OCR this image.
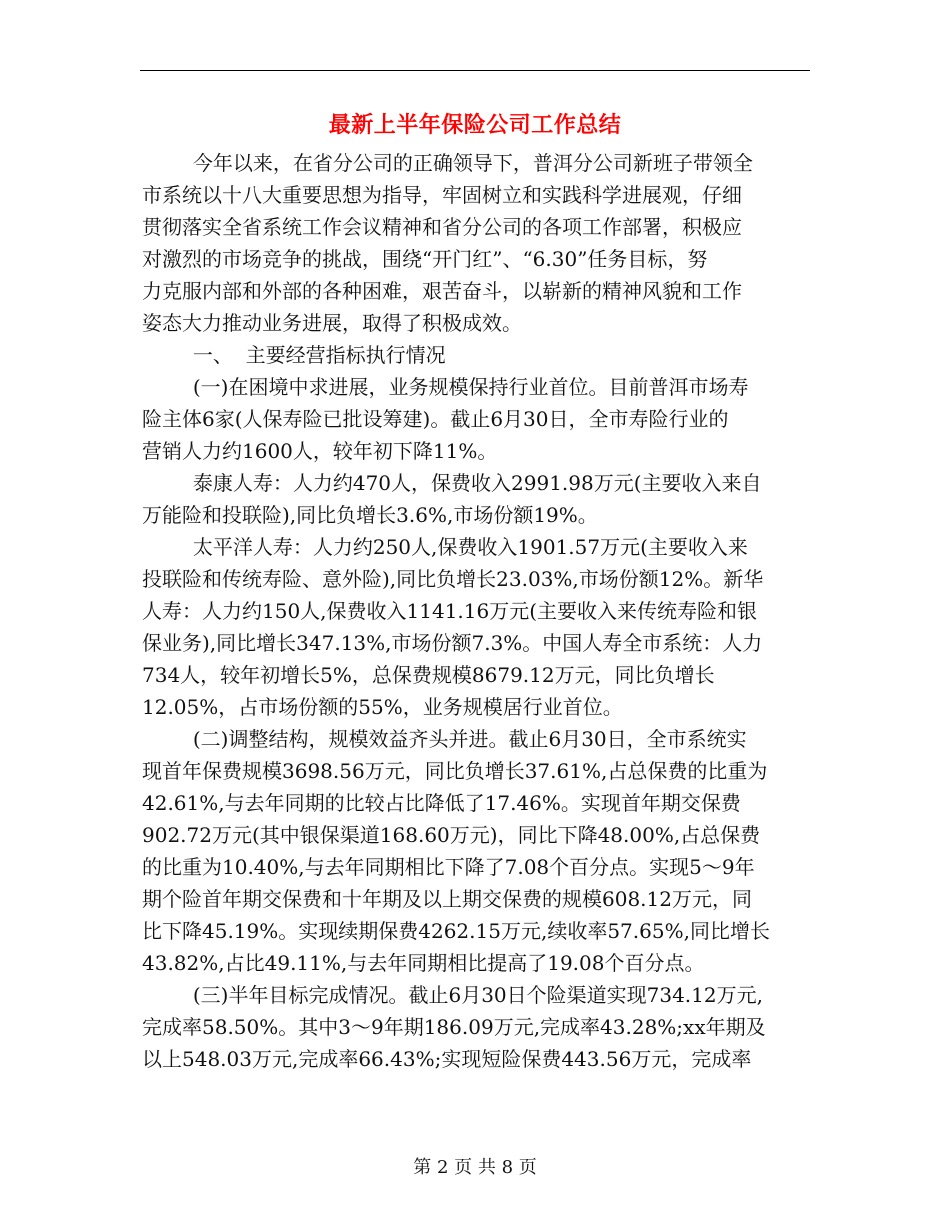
最新上半年保险公司工作总结
今年以来，在省分公司的正确领导下，普洱分公司新班子带领全
市系统以十八大重要思想为指导，牢固树立和实践科学进展观，仔细
贯彻落实全省系统工作会议精神和省分公司的各项工作部署，积极应
对激烈的市场竞争的挑战，围绕“开门红”、“6.30”任务目标，努
力克服内部和外部的各种困难，艰苦奋斗，以崭新的精神风貌和工作
姿态大力推动业务进展，取得了积极成效。
一、  主要经营指标执行情况
(一)在困境中求进展，业务规模保持行业首位。目前普洱市场寿
险主体6家(人保寿险已批设筹建)。截止6月30日，全市寿险行业的
营销人力约1600人，较年初下降11%。
泰康人寿：人力约470人，保费收入2991.98万元(主要收入来自
万能险和投联险),同比负增长3.6%,市场份额19%。
太平洋人寿：人力约250人,保费收入1901.57万元(主要收入来
投联险和传统寿险、意外险),同比负增长23.03%,市场份额12%。新华
人寿：人力约150人,保费收入1141.16万元(主要收入来传统寿险和银
保业务),同比增长347.13%,市场份额7.3%。中国人寿全市系统：人力
734人，较年初增长5%，总保费规模8679.12万元，同比负增长
12.05%，占市场份额的55%，业务规模居行业首位。
(二)调整结构，规模效益齐头并进。截止6月30日，全市系统实
现首年保费规模3698.56万元，同比负增长37.61%,占总保费的比重为
42.61%,与去年同期的比较占比降低了17.46%。实现首年期交保费
902.72万元(其中银保渠道168.60万元)，同比下降48.00%,占总保费
的比重为10.40%,与去年同期相比下降了7.08个百分点。实现5～9年
期个险首年期交保费和十年期及以上期交保费的规模608.12万元，同
比下降45.19%。实现续期保费4262.15万元,续收率57.65%,同比增长
43.82%,占比49.11%,与去年同期相比提高了19.08个百分点。
(三)半年目标完成情况。截止6月30日个险渠道实现734.12万元,
完成率58.50%。其中3～9年期186.09万元,完成率43.28%;xx年期及
以上548.03万元,完成率66.43%;实现短险保费443.56万元，完成率
第 2 页 共 8 页
